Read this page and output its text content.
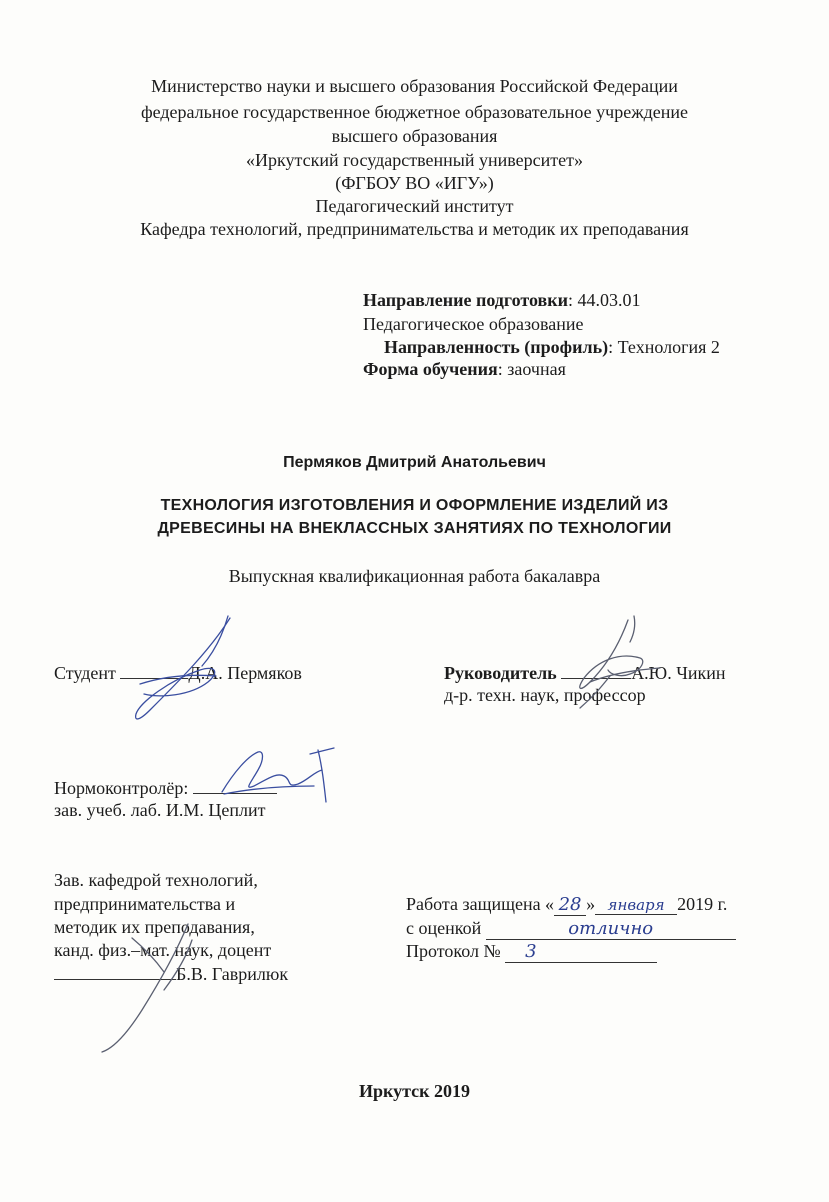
Министерство науки и высшего образования Российской Федерации
федеральное государственное бюджетное образовательное учреждение
высшего образования
«Иркутский государственный университет»
(ФГБОУ ВО «ИГУ»)
Педагогический институт
Кафедра технологий, предпринимательства и методик их преподавания
Направление подготовки: 44.03.01
Педагогическое образование
Направленность (профиль): Технология 2
Форма обучения: заочная
Пермяков Дмитрий Анатольевич
ТЕХНОЛОГИЯ ИЗГОТОВЛЕНИЯ И ОФОРМЛЕНИЕ ИЗДЕЛИЙ ИЗ
ДРЕВЕСИНЫ НА ВНЕКЛАССНЫХ ЗАНЯТИЯХ ПО ТЕХНОЛОГИИ
Выпускная квалификационная работа бакалавра
Студент	Д.А. Пермяков	Руководитель	А.Ю. Чикин
д-р. техн. наук, профессор
Нормоконтролёр:
зав. учеб. лаб. И.М. Цеплит
Зав. кафедрой технологий,
предпринимательства и
методик их преподавания,
канд. физ.–мат. наук, доцент
Б.В. Гаврилюк
Работа защищена « 28 » января 2019 г.
с оценкой	отлично
Протокол № 3
Иркутск 2019
